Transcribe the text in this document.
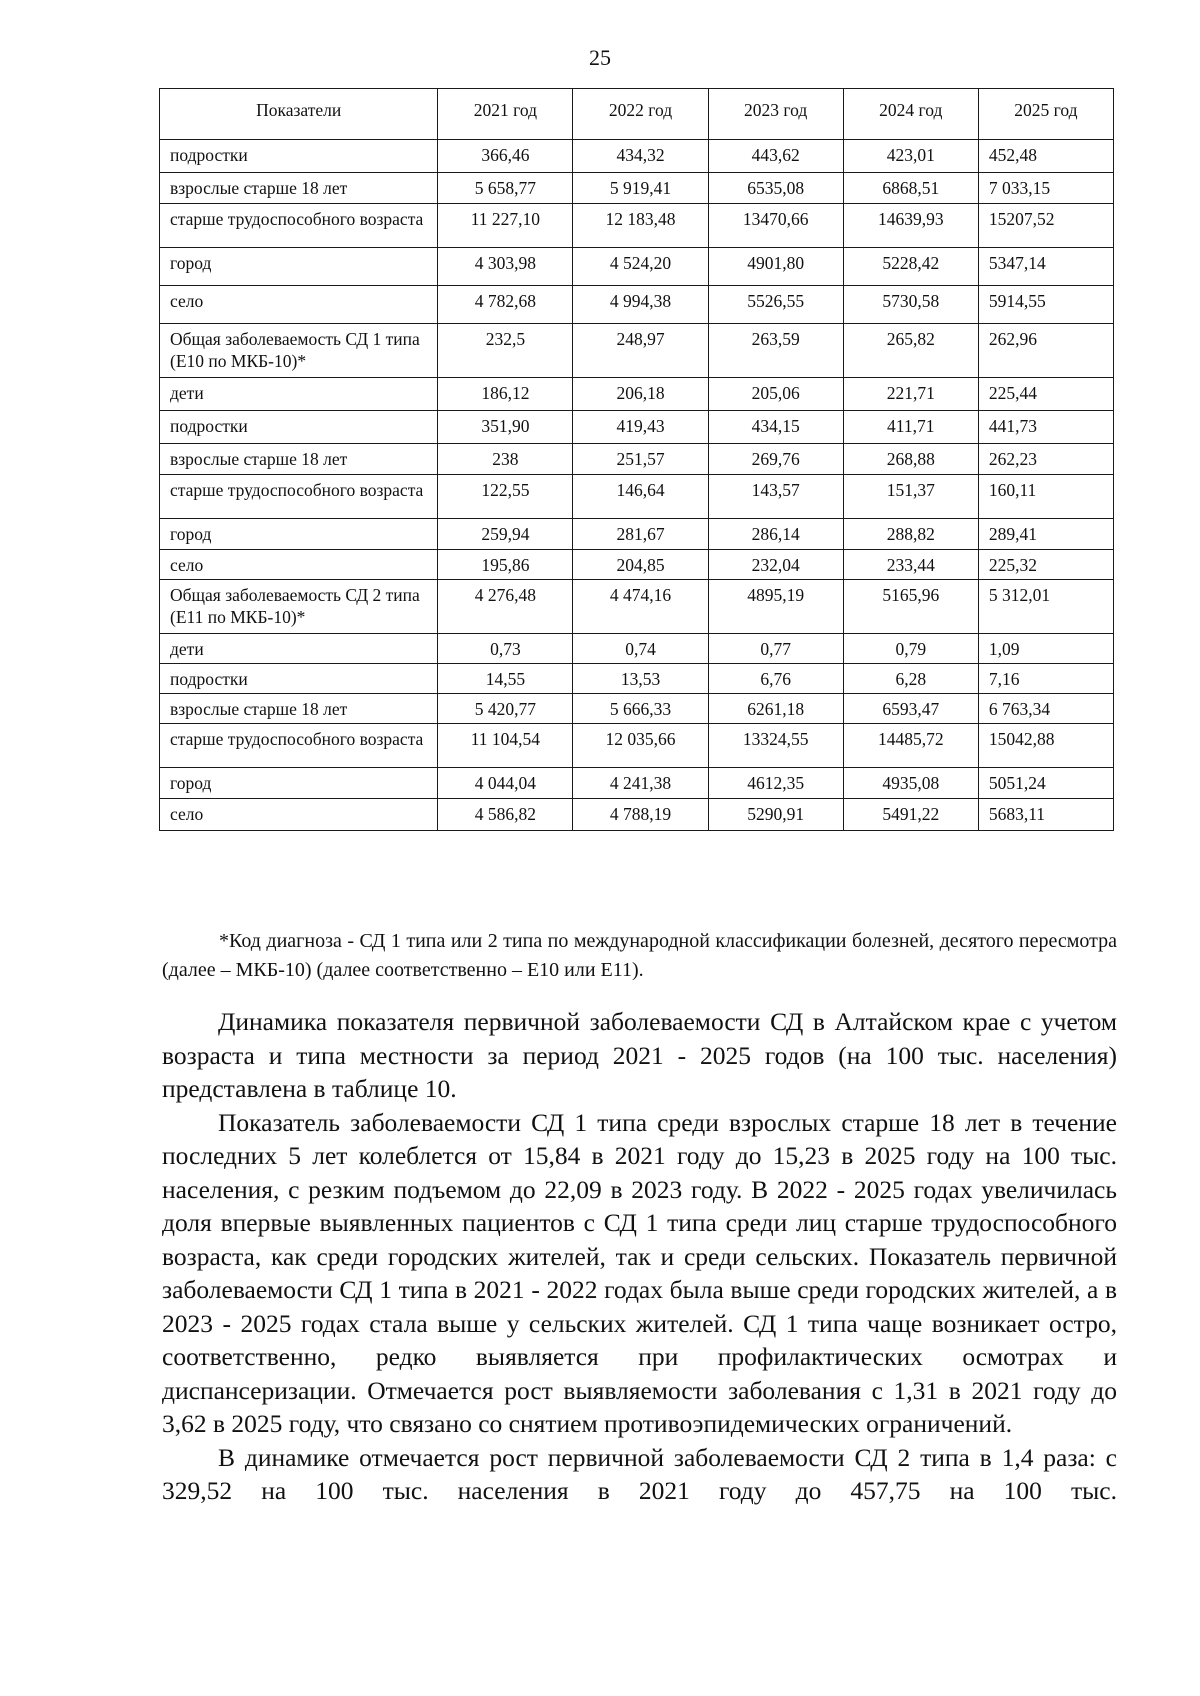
25
Показатели	2021 год	2022 год	2023 год	2024 год	2025 год
подростки	366,46	434,32	443,62	423,01	452,48
взрослые старше 18 лет	5 658,77	5 919,41	6535,08	6868,51	7 033,15
старше трудоспособного возраста	11 227,10	12 183,48	13470,66	14639,93	15207,52
город	4 303,98	4 524,20	4901,80	5228,42	5347,14
село	4 782,68	4 994,38	5526,55	5730,58	5914,55
Общая заболеваемость СД 1 типа (Е10 по МКБ-10)*	232,5	248,97	263,59	265,82	262,96
дети	186,12	206,18	205,06	221,71	225,44
подростки	351,90	419,43	434,15	411,71	441,73
взрослые старше 18 лет	238	251,57	269,76	268,88	262,23
старше трудоспособного возраста	122,55	146,64	143,57	151,37	160,11
город	259,94	281,67	286,14	288,82	289,41
село	195,86	204,85	232,04	233,44	225,32
Общая заболеваемость СД 2 типа (Е11 по МКБ-10)*	4 276,48	4 474,16	4895,19	5165,96	5 312,01
дети	0,73	0,74	0,77	0,79	1,09
подростки	14,55	13,53	6,76	6,28	7,16
взрослые старше 18 лет	5 420,77	5 666,33	6261,18	6593,47	6 763,34
старше трудоспособного возраста	11 104,54	12 035,66	13324,55	14485,72	15042,88
город	4 044,04	4 241,38	4612,35	4935,08	5051,24
село	4 586,82	4 788,19	5290,91	5491,22	5683,11
*Код диагноза - СД 1 типа или 2 типа по международной классификации болезней, десятого пересмотра (далее – МКБ-10) (далее соответственно – Е10 или Е11).

Динамика показателя первичной заболеваемости СД в Алтайском крае с учетом возраста и типа местности за период 2021 - 2025 годов (на 100 тыс. населения) представлена в таблице 10.

Показатель заболеваемости СД 1 типа среди взрослых старше 18 лет в течение последних 5 лет колеблется от 15,84 в 2021 году до 15,23 в 2025 году на 100 тыс. населения, с резким подъемом до 22,09 в 2023 году. В 2022 - 2025 годах увеличилась доля впервые выявленных пациентов с СД 1 типа среди лиц старше трудоспособного возраста, как среди городских жителей, так и среди сельских. Показатель первичной заболеваемости СД 1 типа в 2021 - 2022 годах была выше среди городских жителей, а в 2023 - 2025 годах стала выше у сельских жителей. СД 1 типа чаще возникает остро, соответственно, редко выявляется при профилактических осмотрах и диспансеризации. Отмечается рост выявляемости заболевания с 1,31 в 2021 году до 3,62 в 2025 году, что связано со снятием противоэпидемических ограничений.

В динамике отмечается рост первичной заболеваемости СД 2 типа в 1,4 раза: с 329,52 на 100 тыс. населения в 2021 году до 457,75 на 100 тыс.
